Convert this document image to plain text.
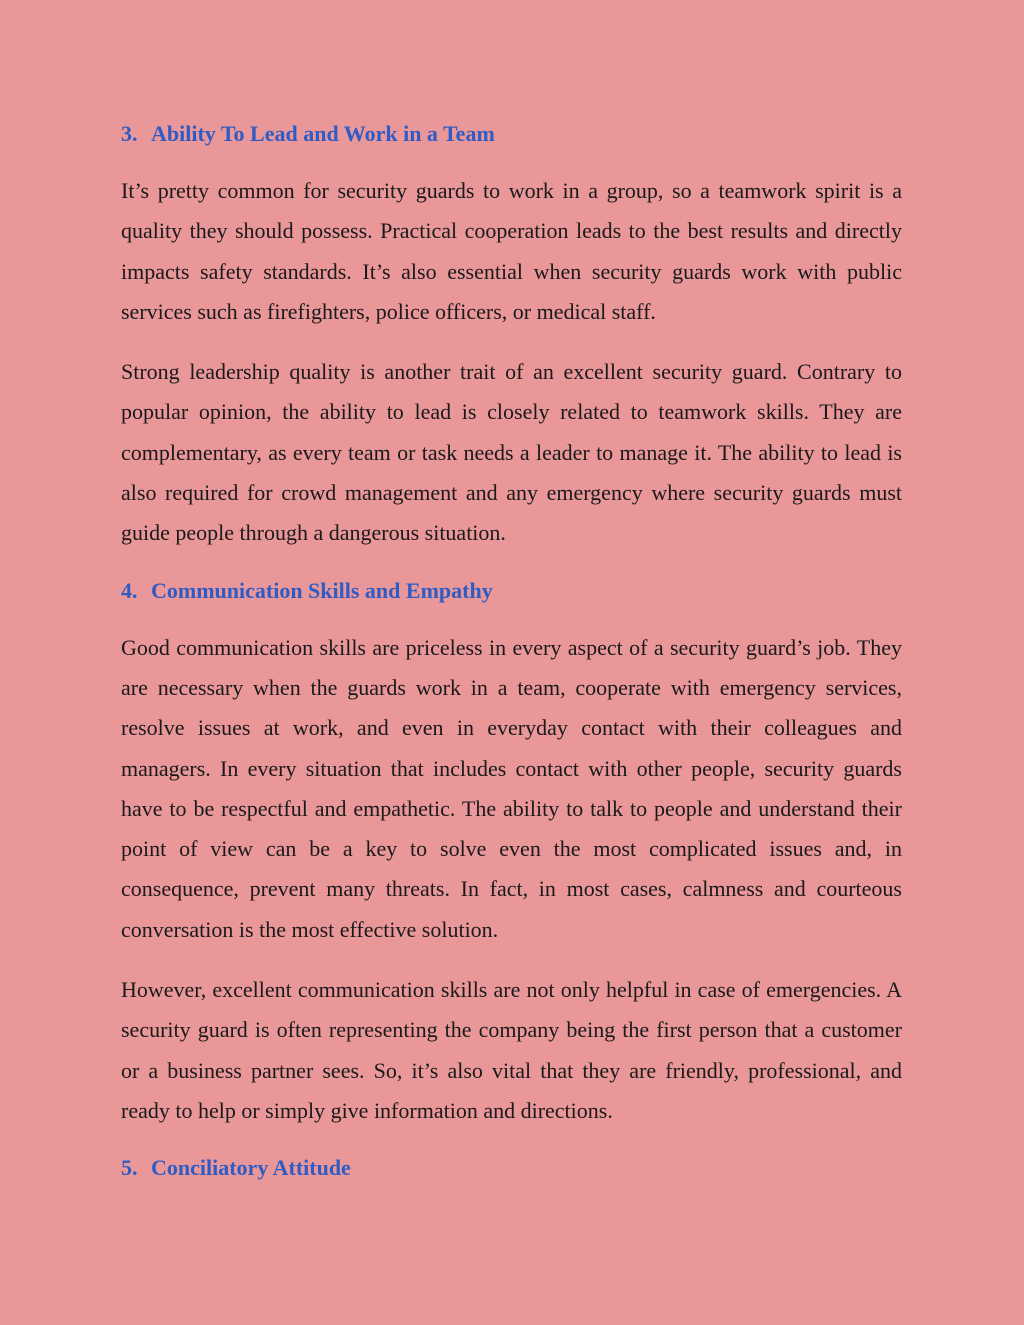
3. Ability To Lead and Work in a Team

It’s pretty common for security guards to work in a group, so a teamwork spirit is a quality they should possess. Practical cooperation leads to the best results and directly impacts safety standards. It’s also essential when security guards work with public services such as firefighters, police officers, or medical staff.

Strong leadership quality is another trait of an excellent security guard. Contrary to popular opinion, the ability to lead is closely related to teamwork skills. They are complementary, as every team or task needs a leader to manage it. The ability to lead is also required for crowd management and any emergency where security guards must guide people through a dangerous situation.

4. Communication Skills and Empathy

Good communication skills are priceless in every aspect of a security guard’s job. They are necessary when the guards work in a team, cooperate with emergency services, resolve issues at work, and even in everyday contact with their colleagues and managers. In every situation that includes contact with other people, security guards have to be respectful and empathetic. The ability to talk to people and understand their point of view can be a key to solve even the most complicated issues and, in consequence, prevent many threats. In fact, in most cases, calmness and courteous conversation is the most effective solution.

However, excellent communication skills are not only helpful in case of emergencies. A security guard is often representing the company being the first person that a customer or a business partner sees. So, it’s also vital that they are friendly, professional, and ready to help or simply give information and directions.

5. Conciliatory Attitude
